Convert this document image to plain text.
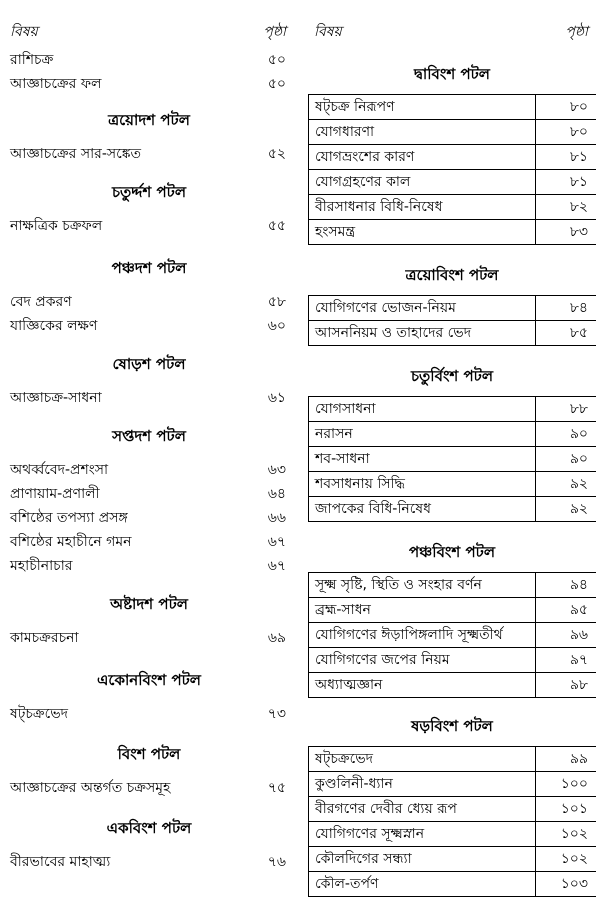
বিষয়	পৃষ্ঠা
রাশিচক্র	৫০
আজ্ঞাচক্রের ফল	৫০
ত্রয়োদশ পটল
আজ্ঞাচক্রের সার-সঙ্কেত	৫২
চতুর্দ্দশ পটল
নাক্ষত্রিক চক্রফল	৫৫
পঞ্চদশ পটল
বেদ প্রকরণ	৫৮
যাজ্ঞিকের লক্ষণ	৬০
ষোড়শ পটল
আজ্ঞাচক্র-সাধনা	৬১
সপ্তদশ পটল
অথর্ব্ববেদ-প্রশংসা	৬৩
প্রাণায়াম-প্রণালী	৬৪
বশিষ্ঠের তপস্যা প্রসঙ্গ	৬৬
বশিষ্ঠের মহাচীনে গমন	৬৭
মহাচীনাচার	৬৭
অষ্টাদশ পটল
কামচক্ররচনা	৬৯
একোনবিংশ পটল
ষট্‌চক্রভেদ	৭৩
বিংশ পটল
আজ্ঞাচক্রের অন্তর্গত চক্রসমূহ	৭৫
একবিংশ পটল
বীরভাবের মাহাত্ম্য	৭৬
বিষয়	পৃষ্ঠা
দ্বাবিংশ পটল
ষট্‌চক্র নিরূপণ	৮০
যোগধারণা	৮০
যোগভ্রংশের কারণ	৮১
যোগগ্রহণের কাল	৮১
বীরসাধনার বিধি-নিষেধ	৮২
হংসমন্ত্র	৮৩
ত্রয়োবিংশ পটল
যোগিগণের ভোজন-নিয়ম	৮৪
আসননিয়ম ও তাহাদের ভেদ	৮৫
চতুর্বিংশ পটল
যোগসাধনা	৮৮
নরাসন	৯০
শব-সাধনা	৯০
শবসাধনায় সিদ্ধি	৯২
জাপকের বিধি-নিষেধ	৯২
পঞ্চবিংশ পটল
সূক্ষ্ম সৃষ্টি, স্থিতি ও সংহার বর্ণন	৯৪
ব্রহ্ম-সাধন	৯৫
যোগিগণের ঈড়াপিঙ্গলাদি সূক্ষ্মতীর্থ	৯৬
যোগিগণের জপের নিয়ম	৯৭
অধ্যাত্মজ্ঞান	৯৮
ষড়বিংশ পটল
ষট্‌চক্রভেদ	৯৯
কুণ্ডলিনী-ধ্যান	১০০
বীরগণের দেবীর ধ্যেয় রূপ	১০১
যোগিগণের সূক্ষ্মস্নান	১০২
কৌলদিগের সন্ধ্যা	১০২
কৌল-তর্পণ	১০৩
